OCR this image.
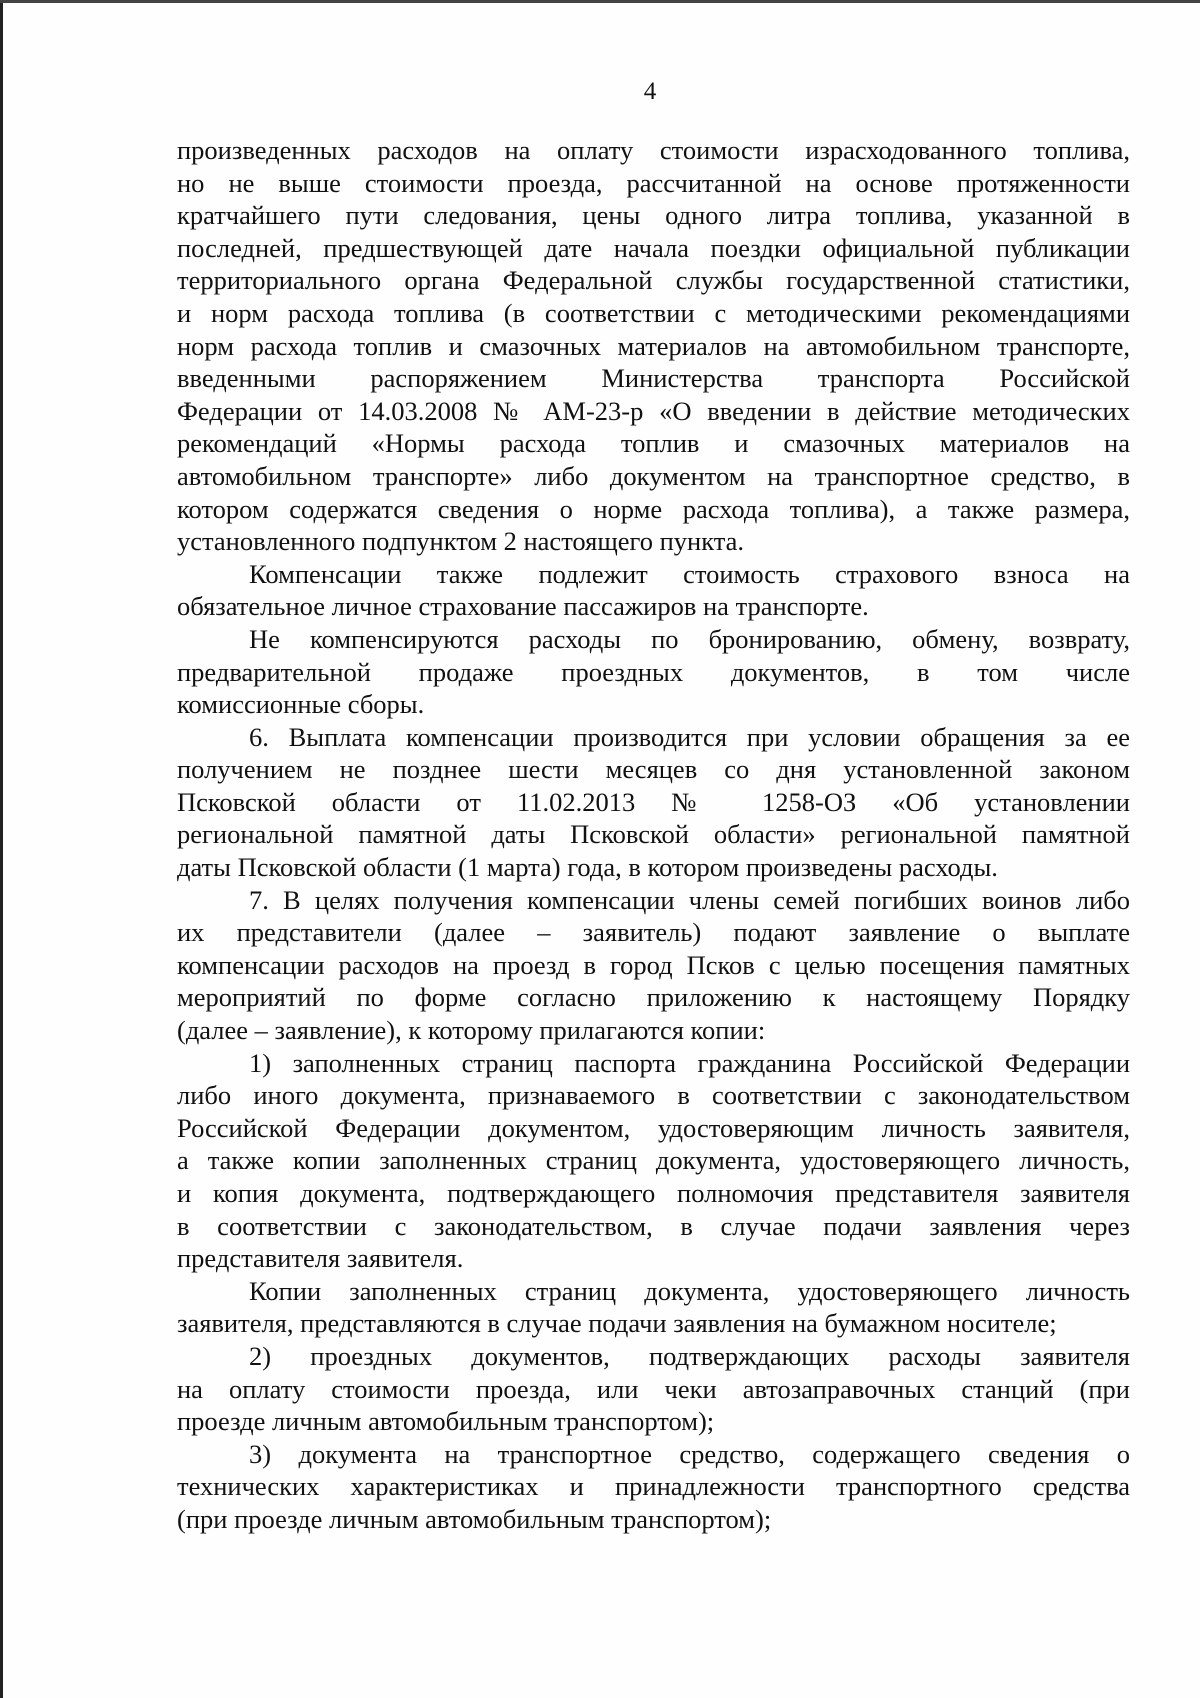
4

произведенных расходов на оплату стоимости израсходованного топлива,
но не выше стоимости проезда, рассчитанной на основе протяженности
кратчайшего пути следования, цены одного литра топлива, указанной в
последней, предшествующей дате начала поездки официальной публикации
территориального органа Федеральной службы государственной статистики,
и норм расхода топлива (в соответствии с методическими рекомендациями
норм расхода топлив и смазочных материалов на автомобильном транспорте,
введенными распоряжением Министерства транспорта Российской
Федерации от 14.03.2008 № АМ-23-р «О введении в действие методических
рекомендаций «Нормы расхода топлив и смазочных материалов на
автомобильном транспорте» либо документом на транспортное средство, в
котором содержатся сведения о норме расхода топлива), а также размера,
установленного подпунктом 2 настоящего пункта.

Компенсации также подлежит стоимость страхового взноса на
обязательное личное страхование пассажиров на транспорте.

Не компенсируются расходы по бронированию, обмену, возврату,
предварительной продаже проездных документов, в том числе
комиссионные сборы.

6. Выплата компенсации производится при условии обращения за ее
получением не позднее шести месяцев со дня установленной законом
Псковской области от 11.02.2013 № 1258-ОЗ «Об установлении
региональной памятной даты Псковской области» региональной памятной
даты Псковской области (1 марта) года, в котором произведены расходы.

7. В целях получения компенсации члены семей погибших воинов либо
их представители (далее – заявитель) подают заявление о выплате
компенсации расходов на проезд в город Псков с целью посещения памятных
мероприятий по форме согласно приложению к настоящему Порядку
(далее – заявление), к которому прилагаются копии:

1) заполненных страниц паспорта гражданина Российской Федерации
либо иного документа, признаваемого в соответствии с законодательством
Российской Федерации документом, удостоверяющим личность заявителя,
а также копии заполненных страниц документа, удостоверяющего личность,
и копия документа, подтверждающего полномочия представителя заявителя
в соответствии с законодательством, в случае подачи заявления через
представителя заявителя.

Копии заполненных страниц документа, удостоверяющего личность
заявителя, представляются в случае подачи заявления на бумажном носителе;

2) проездных документов, подтверждающих расходы заявителя
на оплату стоимости проезда, или чеки автозаправочных станций (при
проезде личным автомобильным транспортом);

3) документа на транспортное средство, содержащего сведения о
технических характеристиках и принадлежности транспортного средства
(при проезде личным автомобильным транспортом);
